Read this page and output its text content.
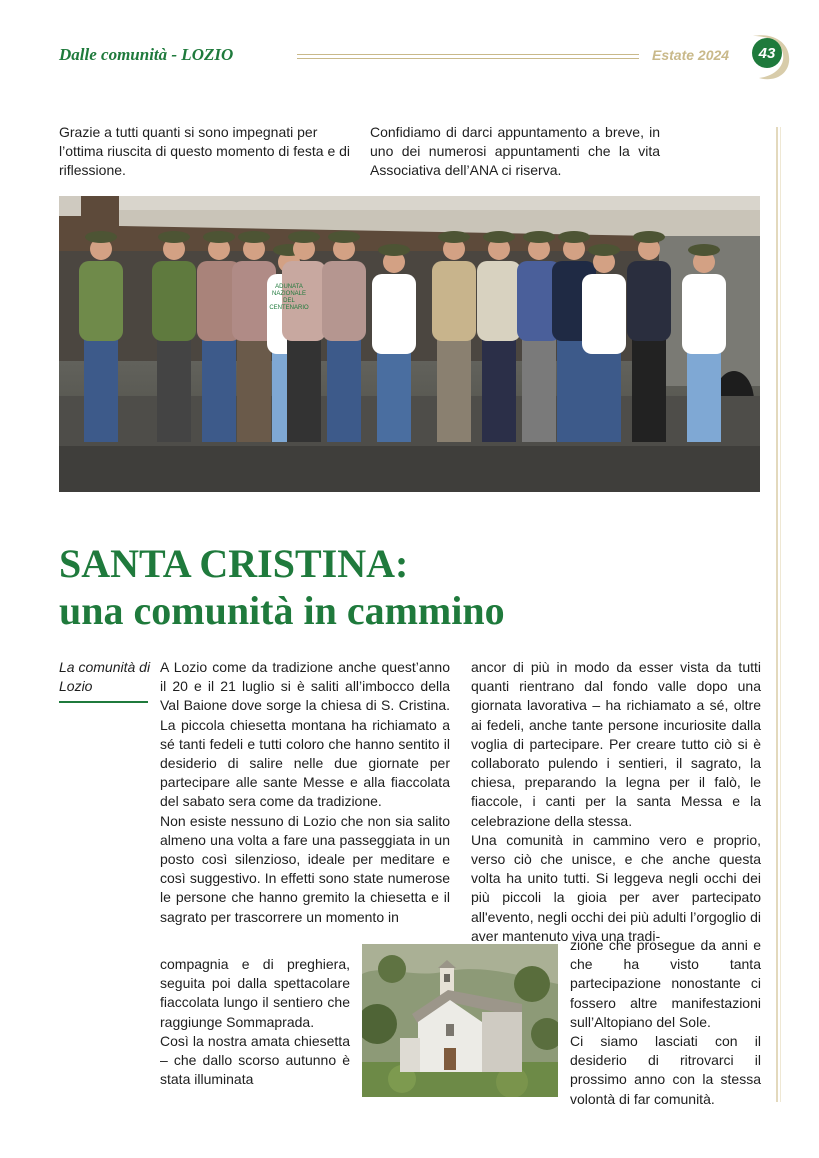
Dalle comunità - LOZIO	Estate 2024	43
Grazie a tutti quanti si sono impegnati per l’ottima riuscita di questo momento di festa e di riflessione.
Confidiamo di darci appuntamento a breve, in uno dei numerosi appuntamenti che la vita Associativa dell’ANA ci riserva.
ADUNATA
NAZIONALE
DEL
CENTENARIO
SANTA CRISTINA:
una comunità in cammino
La comunità di Lozio
A Lozio come da tradizione anche quest’anno il 20 e il 21 luglio si è saliti all’imbocco della Val Baione dove sorge la chiesa di S. Cristina. La piccola chiesetta montana ha richiamato a sé tanti fedeli e tutti coloro che hanno sentito il desiderio di salire nelle due giornate per partecipare alle sante Messe e alla fiaccolata del sabato sera come da tradizione.
Non esiste nessuno di Lozio che non sia salito almeno una volta a fare una passeggiata in un posto così silenzioso, ideale per meditare e così suggestivo. In effetti sono state numerose le persone che hanno gremito la chiesetta e il sagrato per trascorrere un momento in
compagnia e di preghiera, seguita poi dalla spettacolare fiaccolata lungo il sentiero che raggiunge Sommaprada.
Così la nostra amata chiesetta – che dallo scorso autunno è stata illuminata
ancor di più in modo da esser vista da tutti quanti rientrano dal fondo valle dopo una giornata lavorativa – ha richiamato a sé, oltre ai fedeli, anche tante persone incuriosite dalla voglia di partecipare. Per creare tutto ciò si è collaborato pulendo i sentieri, il sagrato, la chiesa, preparando la legna per il falò, le fiaccole, i canti per la santa Messa e la celebrazione della stessa.
Una comunità in cammino vero e proprio, verso ciò che unisce, e che anche questa volta ha unito tutti. Si leggeva negli occhi dei più piccoli la gioia per aver partecipato all'evento, negli occhi dei più adulti l’orgoglio di aver mantenuto viva una tradi-
zione che prosegue da anni e che ha visto tanta partecipazione nonostante ci fossero altre manifestazioni sull’Altopiano del Sole.
Ci siamo lasciati con il desiderio di ritrovarci il prossimo anno con la stessa volontà di far comunità.
